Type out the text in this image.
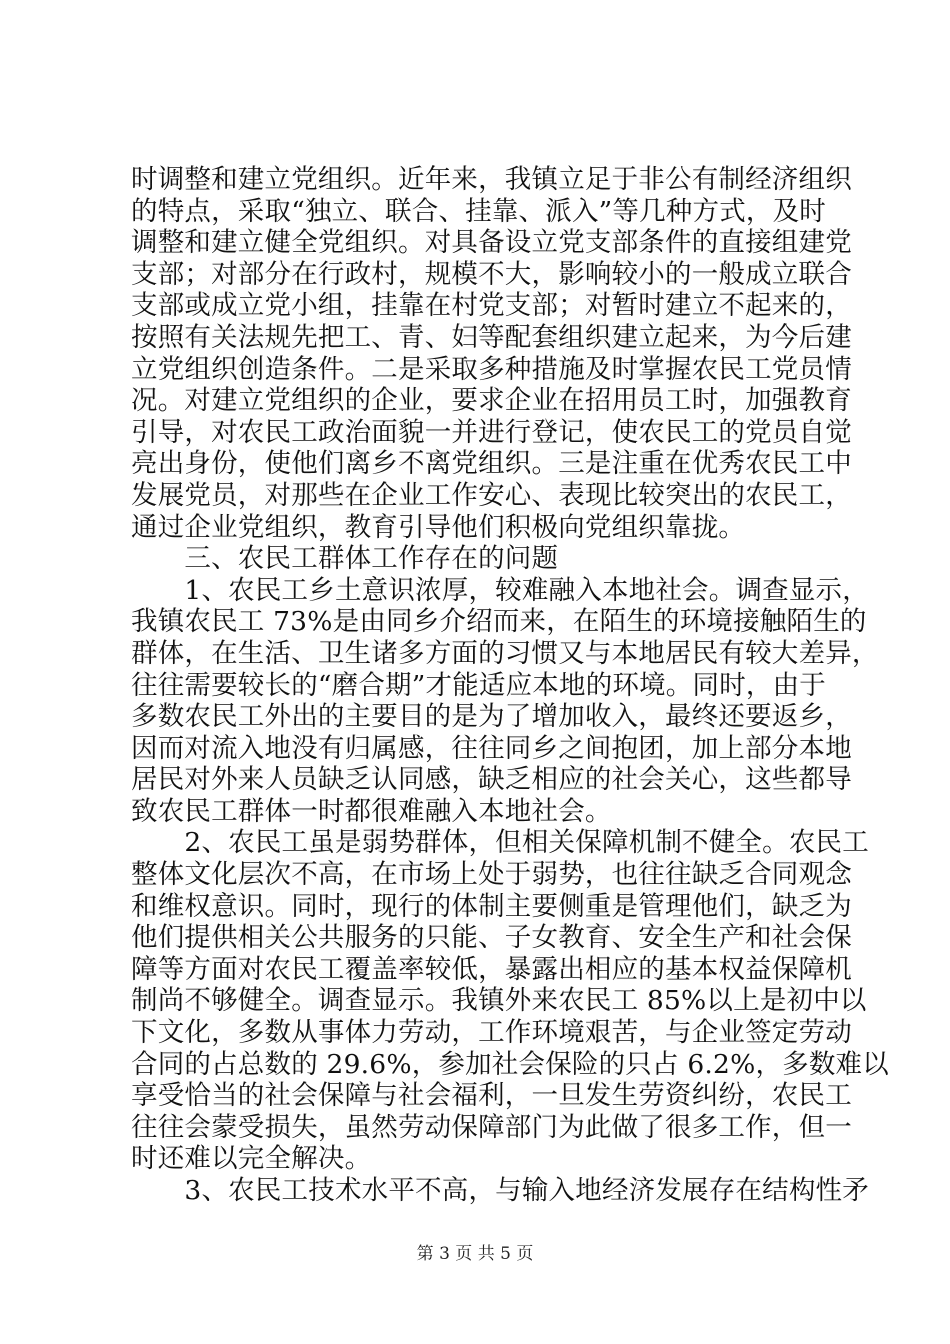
时调整和建立党组织。近年来，我镇立足于非公有制经济组织
的特点，采取“独立、联合、挂靠、派入”等几种方式，及时
调整和建立健全党组织。对具备设立党支部条件的直接组建党
支部；对部分在行政村，规模不大，影响较小的一般成立联合
支部或成立党小组，挂靠在村党支部；对暂时建立不起来的，
按照有关法规先把工、青、妇等配套组织建立起来，为今后建
立党组织创造条件。二是采取多种措施及时掌握农民工党员情
况。对建立党组织的企业，要求企业在招用员工时，加强教育
引导，对农民工政治面貌一并进行登记，使农民工的党员自觉
亮出身份，使他们离乡不离党组织。三是注重在优秀农民工中
发展党员，对那些在企业工作安心、表现比较突出的农民工，
通过企业党组织，教育引导他们积极向党组织靠拢。
　　三、农民工群体工作存在的问题
　　1、农民工乡土意识浓厚，较难融入本地社会。调查显示，
我镇农民工 73%是由同乡介绍而来，在陌生的环境接触陌生的
群体，在生活、卫生诸多方面的习惯又与本地居民有较大差异，
往往需要较长的“磨合期”才能适应本地的环境。同时，由于
多数农民工外出的主要目的是为了增加收入，最终还要返乡，
因而对流入地没有归属感，往往同乡之间抱团，加上部分本地
居民对外来人员缺乏认同感，缺乏相应的社会关心，这些都导
致农民工群体一时都很难融入本地社会。
　　2、农民工虽是弱势群体，但相关保障机制不健全。农民工
整体文化层次不高，在市场上处于弱势，也往往缺乏合同观念
和维权意识。同时，现行的体制主要侧重是管理他们，缺乏为
他们提供相关公共服务的只能、子女教育、安全生产和社会保
障等方面对农民工覆盖率较低，暴露出相应的基本权益保障机
制尚不够健全。调查显示。我镇外来农民工 85%以上是初中以
下文化，多数从事体力劳动，工作环境艰苦，与企业签定劳动
合同的占总数的 29.6%，参加社会保险的只占 6.2%，多数难以
享受恰当的社会保障与社会福利，一旦发生劳资纠纷，农民工
往往会蒙受损失，虽然劳动保障部门为此做了很多工作，但一
时还难以完全解决。
　　3、农民工技术水平不高，与输入地经济发展存在结构性矛
第 3 页 共 5 页
